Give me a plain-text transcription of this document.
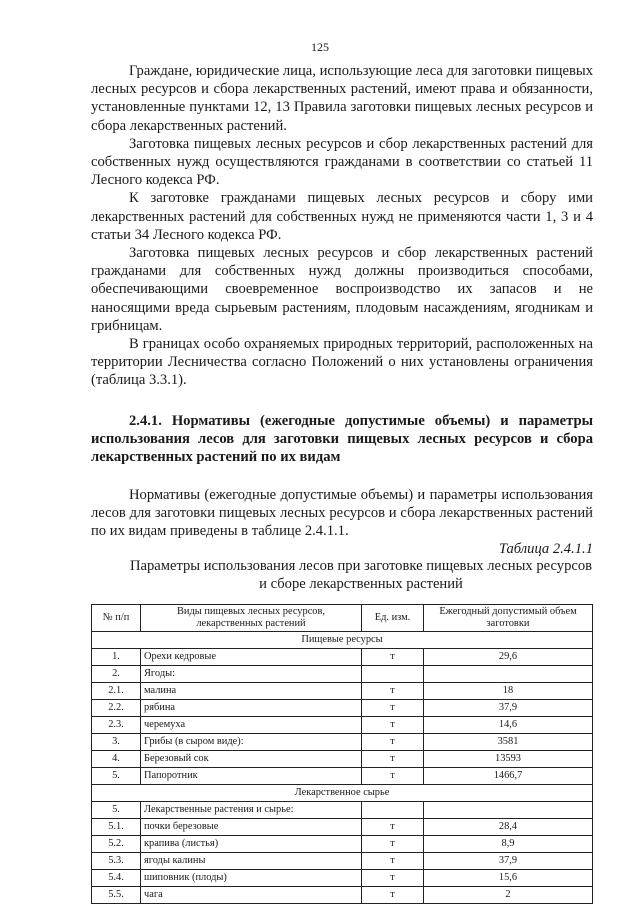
125

Граждане, юридические лица, использующие леса для заготовки пищевых лесных ресурсов и сбора лекарственных растений, имеют права и обязанности, установленные пунктами 12, 13 Правила заготовки пищевых лесных ресурсов и сбора лекарственных растений.

Заготовка пищевых лесных ресурсов и сбор лекарственных растений для собственных нужд осуществляются гражданами в соответствии со статьей 11 Лесного кодекса РФ.

К заготовке гражданами пищевых лесных ресурсов и сбору ими лекарственных растений для собственных нужд не применяются части 1, 3 и 4 статьи 34 Лесного кодекса РФ.

Заготовка пищевых лесных ресурсов и сбор лекарственных растений гражданами для собственных нужд должны производиться способами, обеспечивающими своевременное воспроизводство их запасов и не наносящими вреда сырьевым растениям, плодовым насаждениям, ягодникам и грибницам.

В границах особо охраняемых природных территорий, расположенных на территории Лесничества согласно Положений о них установлены ограничения (таблица 3.3.1).

2.4.1. Нормативы (ежегодные допустимые объемы) и параметры использования лесов для заготовки пищевых лесных ресурсов и сбора лекарственных растений по их видам

Нормативы (ежегодные допустимые объемы) и параметры использования лесов для заготовки пищевых лесных ресурсов и сбора лекарственных растений по их видам приведены в таблице 2.4.1.1.

Таблица 2.4.1.1
Параметры использования лесов при заготовке пищевых лесных ресурсов и сборе лекарственных растений
№ п/п	Виды пищевых лесных ресурсов, лекарственных растений	Ед. изм.	Ежегодный допустимый объем заготовки
Пищевые ресурсы			
1.	Орехи кедровые	т	29,6
2.	Ягоды:		
2.1.	малина	т	18
2.2.	рябина	т	37,9
2.3.	черемуха	т	14,6
3.	Грибы (в сыром виде):	т	3581
4.	Березовый сок	т	13593
5.	Папоротник	т	1466,7
Лекарственное сырье			
5.	Лекарственные растения и сырье:		
5.1.	почки березовые	т	28,4
5.2.	крапива (листья)	т	8,9
5.3.	ягоды калины	т	37,9
5.4.	шиповник (плоды)	т	15,6
5.5.	чага	т	2
